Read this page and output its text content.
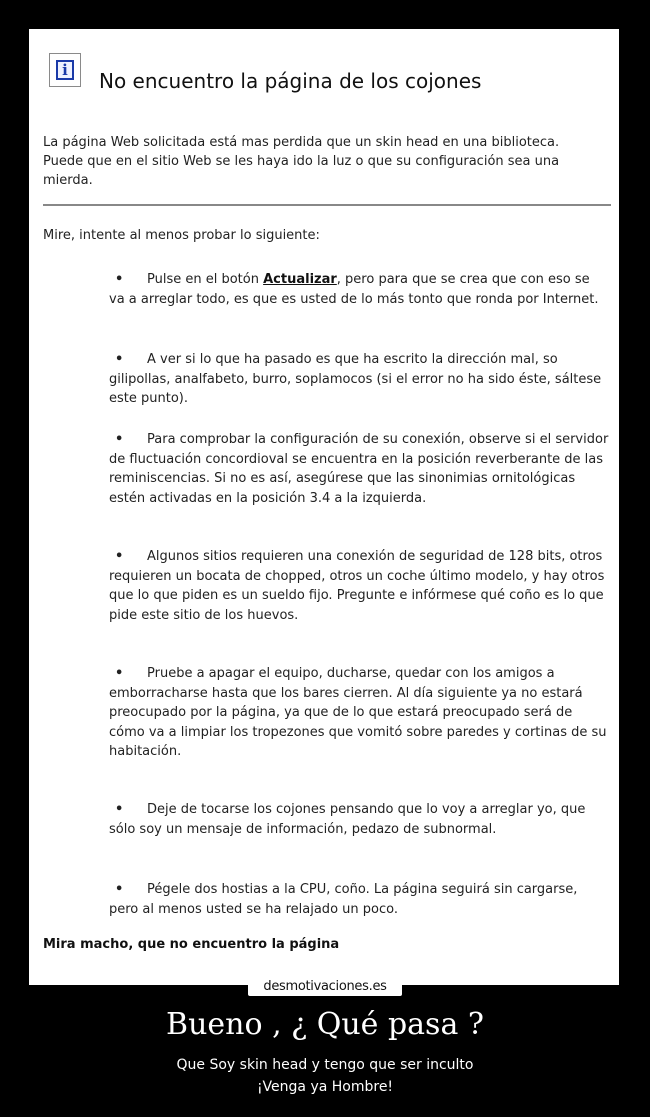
i	No encuentro la página de los cojones
La página Web solicitada está mas perdida que un skin head en una biblioteca. Puede que en el sitio Web se les haya ido la luz o que su configuración sea una mierda.
Mire, intente al menos probar lo siguiente:
• Pulse en el botón Actualizar, pero para que se crea que con eso se va a arreglar todo, es que es usted de lo más tonto que ronda por Internet.
• A ver si lo que ha pasado es que ha escrito la dirección mal, so gilipollas, analfabeto, burro, soplamocos (si el error no ha sido éste, sáltese este punto).
• Para comprobar la configuración de su conexión, observe si el servidor de fluctuación concordioval se encuentra en la posición reverberante de las reminiscencias. Si no es así, asegúrese que las sinonimias ornitológicas estén activadas en la posición 3.4 a la izquierda.
• Algunos sitios requieren una conexión de seguridad de 128 bits, otros requieren un bocata de chopped, otros un coche último modelo, y hay otros que lo que piden es un sueldo fijo. Pregunte e infórmese qué coño es lo que pide este sitio de los huevos.
• Pruebe a apagar el equipo, ducharse, quedar con los amigos a emborracharse hasta que los bares cierren. Al día siguiente ya no estará preocupado por la página, ya que de lo que estará preocupado será de cómo va a limpiar los tropezones que vomitó sobre paredes y cortinas de su habitación.
• Deje de tocarse los cojones pensando que lo voy a arreglar yo, que sólo soy un mensaje de información, pedazo de subnormal.
• Pégele dos hostias a la CPU, coño. La página seguirá sin cargarse, pero al menos usted se ha relajado un poco.
Mira macho, que no encuentro la página
desmotivaciones.es
Bueno , ¿ Qué pasa ?
Que Soy skin head y tengo que ser inculto
¡Venga ya Hombre!
